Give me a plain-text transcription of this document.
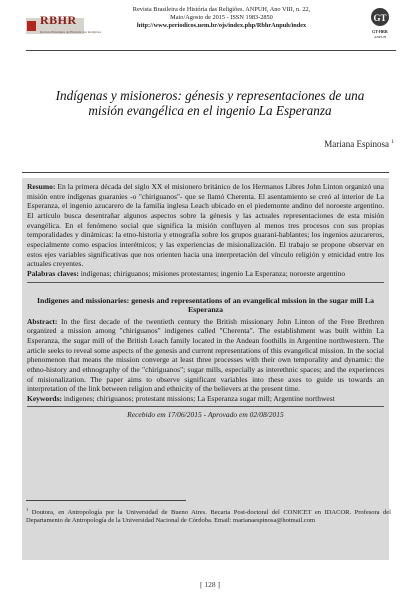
RBHR
Revista Brasileira de História das Religiões
Revista Brasileira de História das Religiões. ANPUH, Ano VIII, n. 22,
Maio/Agosto de 2015 - ISSN 1983-2850
http://www.periodicos.uem.br/ojs/index.php/RbhrAnpuh/index
GT
GT-HRR
ANPUH
Indígenas y misioneros: génesis y representaciones de una misión evangélica en el ingenio La Esperanza
Mariana Espinosa $^1$

Resumo: En la primera década del siglo XX el misionero británico de los Hermanos Libres John Linton organizó una misión entre indígenas guaraníes -o "chiriguanos"- que se llamó Cherenta. El asentamiento se creó al interior de La Esperanza, el ingenio azucarero de la familia inglesa Leach ubicado en el piedemonte andino del noroeste argentino. El artículo busca desentrañar algunos aspectos sobre la génesis y las actuales representaciones de esta misión evangélica. En el fenómeno social que significa la misión confluyen al menos tres procesos con sus propias temporalidades y dinámicas: la etno-historia y etnografía sobre los grupos guaraní-hablantes; los ingenios azucareros, especialmente como espacios interétnicos; y las experiencias de misionalización. El trabajo se propone observar en estos ejes variables significativas que nos orienten hacia una interpretación del vínculo religión y etnicidad entre los actuales creyentes.

Palabras claves: indígenas; chiriguanos; misiones protestantes; ingenio La Esperanza; noroeste argentino

Indigenes and missionaries: genesis and representations of an evangelical mission in the sugar mill La Esperanza

Abstract: In the first decade of the twentieth century the British missionary John Linton of the Free Brethren organized a mission among "chiriguanos" indigenes called "Cherenta". The establishment was built within La Esperanza, the sugar mill of the British Leach family located in the Andean foothills in Argentine northwestern. The article seeks to reveal some aspects of the genesis and current representations of this evangelical mission. In the social phenomenon that means the mission converge at least three processes with their own temporality and dynamic: the ethno-history and ethnography of the "chiriguanos"; sugar mills, especially as interethnic spaces; and the experiences of misionalization. The paper aims to observe significant variables into these axes to guide us towards an interpretation of the link between religion and ethnicity of the believers at the present time.

Keywords: indigenes; chiriguanos; protestant missions; La Esperanza sugar mill; Argentine northwest

Recebido em 17/06/2015 - Aprovado em 02/08/2015

$^1$ Doutora, en Antropología por la Universidad de Bueno Aires. Becaria Post-doctoral del CONICET en IDACOR. Profesora del Departamento de Antropología de la Universidad Nacional de Córdoba. Email: marianaespinosa@hotmail.com
[ 128 ]
